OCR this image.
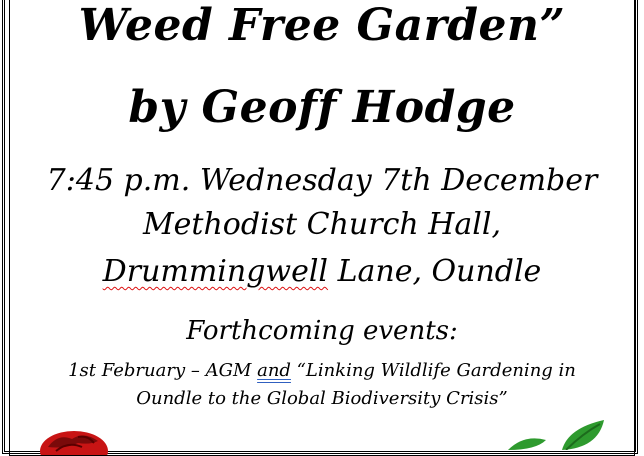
Weed Free Garden”
by Geoff Hodge
7:45 p.m. Wednesday 7th December
Methodist Church Hall,
Drummingwell Lane, Oundle
Forthcoming events:
1st February – AGM and “Linking Wildlife Gardening in
Oundle to the Global Biodiversity Crisis”
